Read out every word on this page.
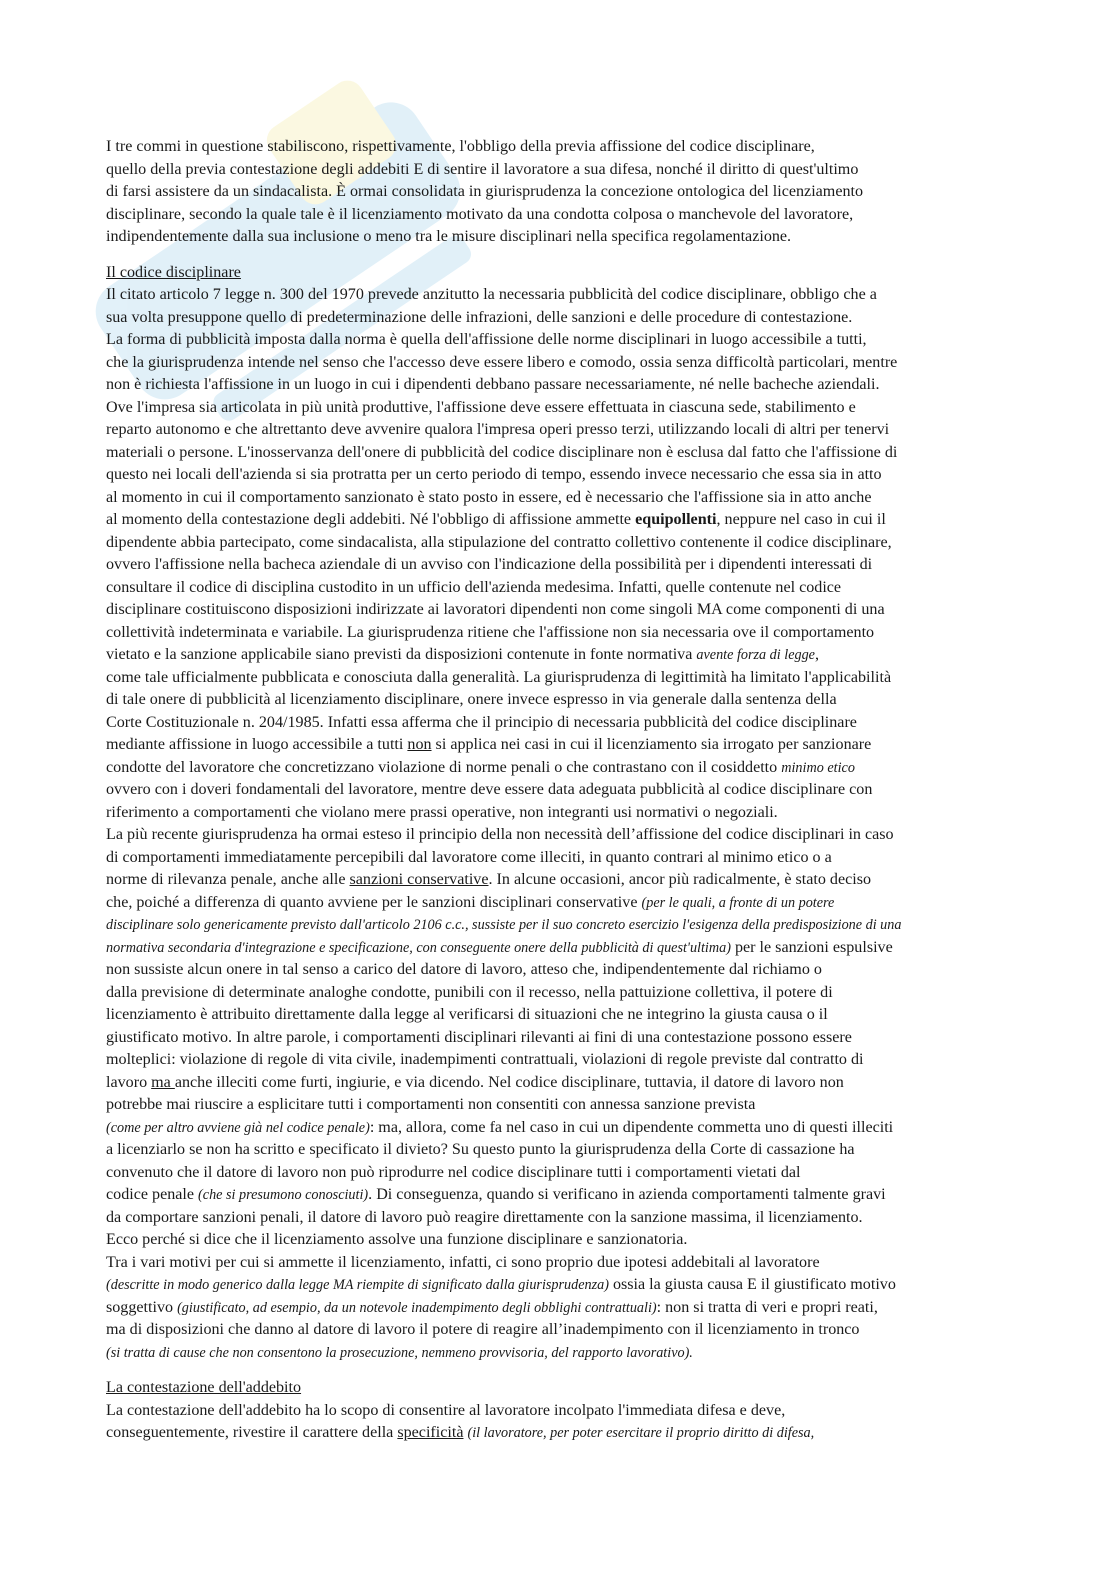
I tre commi in questione stabiliscono, rispettivamente, l'obbligo della previa affissione del codice disciplinare,
quello della previa contestazione degli addebiti E di sentire il lavoratore a sua difesa, nonché il diritto di quest'ultimo
di farsi assistere da un sindacalista. È ormai consolidata in giurisprudenza la concezione ontologica del licenziamento
disciplinare, secondo la quale tale è il licenziamento motivato da una condotta colposa o manchevole del lavoratore,
indipendentemente dalla sua inclusione o meno tra le misure disciplinari nella specifica regolamentazione.
Il codice disciplinare
Il citato articolo 7 legge n. 300 del 1970 prevede anzitutto la necessaria pubblicità del codice disciplinare, obbligo che a
sua volta presuppone quello di predeterminazione delle infrazioni, delle sanzioni e delle procedure di contestazione.
La forma di pubblicità imposta dalla norma è quella dell'affissione delle norme disciplinari in luogo accessibile a tutti,
che la giurisprudenza intende nel senso che l'accesso deve essere libero e comodo, ossia senza difficoltà particolari, mentre
non è richiesta l'affissione in un luogo in cui i dipendenti debbano passare necessariamente, né nelle bacheche aziendali.
Ove l'impresa sia articolata in più unità produttive, l'affissione deve essere effettuata in ciascuna sede, stabilimento e
reparto autonomo e che altrettanto deve avvenire qualora l'impresa operi presso terzi, utilizzando locali di altri per tenervi
materiali o persone. L'inosservanza dell'onere di pubblicità del codice disciplinare non è esclusa dal fatto che l'affissione di
questo nei locali dell'azienda si sia protratta per un certo periodo di tempo, essendo invece necessario che essa sia in atto
al momento in cui il comportamento sanzionato è stato posto in essere, ed è necessario che l'affissione sia in atto anche
al momento della contestazione degli addebiti. Né l'obbligo di affissione ammette equipollenti, neppure nel caso in cui il
dipendente abbia partecipato, come sindacalista, alla stipulazione del contratto collettivo contenente il codice disciplinare,
ovvero l'affissione nella bacheca aziendale di un avviso con l'indicazione della possibilità per i dipendenti interessati di
consultare il codice di disciplina custodito in un ufficio dell'azienda medesima. Infatti, quelle contenute nel codice
disciplinare costituiscono disposizioni indirizzate ai lavoratori dipendenti non come singoli MA come componenti di una
collettività indeterminata e variabile. La giurisprudenza ritiene che l'affissione non sia necessaria ove il comportamento
vietato e la sanzione applicabile siano previsti da disposizioni contenute in fonte normativa avente forza di legge,
come tale ufficialmente pubblicata e conosciuta dalla generalità. La giurisprudenza di legittimità ha limitato l'applicabilità
di tale onere di pubblicità al licenziamento disciplinare, onere invece espresso in via generale dalla sentenza della
Corte Costituzionale n. 204/1985. Infatti essa afferma che il principio di necessaria pubblicità del codice disciplinare
mediante affissione in luogo accessibile a tutti non si applica nei casi in cui il licenziamento sia irrogato per sanzionare
condotte del lavoratore che concretizzano violazione di norme penali o che contrastano con il cosiddetto minimo etico
ovvero con i doveri fondamentali del lavoratore, mentre deve essere data adeguata pubblicità al codice disciplinare con
riferimento a comportamenti che violano mere prassi operative, non integranti usi normativi o negoziali.
La più recente giurisprudenza ha ormai esteso il principio della non necessità dell’affissione del codice disciplinari in caso
di comportamenti immediatamente percepibili dal lavoratore come illeciti, in quanto contrari al minimo etico o a
norme di rilevanza penale, anche alle sanzioni conservative. In alcune occasioni, ancor più radicalmente, è stato deciso
che, poiché a differenza di quanto avviene per le sanzioni disciplinari conservative (per le quali, a fronte di un potere
disciplinare solo genericamente previsto dall'articolo 2106 c.c., sussiste per il suo concreto esercizio l'esigenza della predisposizione di una
normativa secondaria d'integrazione e specificazione, con conseguente onere della pubblicità di quest'ultima) per le sanzioni espulsive
non sussiste alcun onere in tal senso a carico del datore di lavoro, atteso che, indipendentemente dal richiamo o
dalla previsione di determinate analoghe condotte, punibili con il recesso, nella pattuizione collettiva, il potere di
licenziamento è attribuito direttamente dalla legge al verificarsi di situazioni che ne integrino la giusta causa o il
giustificato motivo. In altre parole, i comportamenti disciplinari rilevanti ai fini di una contestazione possono essere
molteplici: violazione di regole di vita civile, inadempimenti contrattuali, violazioni di regole previste dal contratto di
lavoro ma anche illeciti come furti, ingiurie, e via dicendo. Nel codice disciplinare, tuttavia, il datore di lavoro non
potrebbe mai riuscire a esplicitare tutti i comportamenti non consentiti con annessa sanzione prevista
(come per altro avviene già nel codice penale): ma, allora, come fa nel caso in cui un dipendente commetta uno di questi illeciti
a licenziarlo se non ha scritto e specificato il divieto? Su questo punto la giurisprudenza della Corte di cassazione ha
convenuto che il datore di lavoro non può riprodurre nel codice disciplinare tutti i comportamenti vietati dal
codice penale (che si presumono conosciuti). Di conseguenza, quando si verificano in azienda comportamenti talmente gravi
da comportare sanzioni penali, il datore di lavoro può reagire direttamente con la sanzione massima, il licenziamento.
Ecco perché si dice che il licenziamento assolve una funzione disciplinare e sanzionatoria.
Tra i vari motivi per cui si ammette il licenziamento, infatti, ci sono proprio due ipotesi addebitali al lavoratore
(descritte in modo generico dalla legge MA riempite di significato dalla giurisprudenza) ossia la giusta causa E il giustificato motivo
soggettivo (giustificato, ad esempio, da un notevole inadempimento degli obblighi contrattuali): non si tratta di veri e propri reati,
ma di disposizioni che danno al datore di lavoro il potere di reagire all’inadempimento con il licenziamento in tronco
(si tratta di cause che non consentono la prosecuzione, nemmeno provvisoria, del rapporto lavorativo).
La contestazione dell'addebito
La contestazione dell'addebito ha lo scopo di consentire al lavoratore incolpato l'immediata difesa e deve,
conseguentemente, rivestire il carattere della specificità (il lavoratore, per poter esercitare il proprio diritto di difesa,
